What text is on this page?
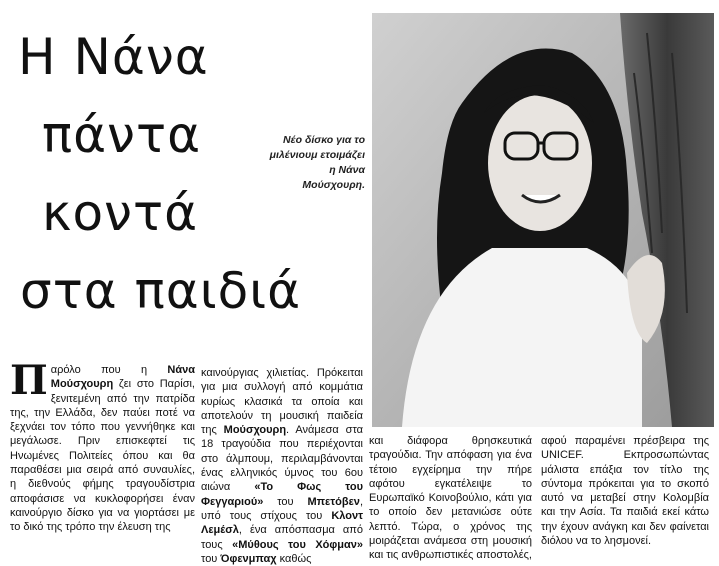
Η Νάνα
πάντα
κοντά
στα παιδιά

Νέο δίσκο για το μιλένιουμ ετοιμάζει η Νάνα Μούσχουρη.

Παρόλο που η Νάνα Μούσχουρη ζει στο Παρίσι, ξενιτεμένη από την πατρίδα της, την Ελλάδα, δεν παύει ποτέ να ξεχνάει τον τόπο που γεννήθηκε και μεγάλωσε. Πριν επισκεφτεί τις Ηνωμένες Πολιτείες όπου και θα παραθέσει μια σειρά από συναυλίες, η διεθνούς φήμης τραγουδίστρια αποφάσισε να κυκλοφορήσει έναν καινούργιο δίσκο για να γιορτάσει με το δικό της τρόπο την έλευση της

καινούργιας χιλιετίας. Πρόκειται για μια συλλογή από κομμάτια κυρίως κλασικά τα οποία και αποτελούν τη μουσική παιδεία της Μούσχουρη. Ανάμεσα στα 18 τραγούδια που περιέχονται στο άλμπουμ, περιλαμβάνονται ένας ελληνικός ύμνος του 6ου αιώνα «Το Φως του Φεγγαριού» του Μπετόβεν, υπό τους στίχους του Κλοντ Λεμέσλ, ένα απόσπασμα από τους «Μύθους του Χόφμαν» του Όφενμπαχ καθώς

και διάφορα θρησκευτικά τραγούδια. Την απόφαση για ένα τέτοιο εγχείρημα την πήρε αφότου εγκατέλειψε το Ευρωπαϊκό Κοινοβούλιο, κάτι για το οποίο δεν μετανιώσε ούτε λεπτό. Τώρα, ο χρόνος της μοιράζεται ανάμεσα στη μουσική και τις ανθρωπιστικές αποστολές,

αφού παραμένει πρέσβειρα της UNICEF. Εκπροσωπώντας μάλιστα επάξια τον τίτλο της σύντομα πρόκειται για το σκοπό αυτό να μεταβεί στην Κολομβία και την Ασία. Τα παιδιά εκεί κάτω την έχουν ανάγκη και δεν φαίνεται διόλου να το λησμονεί.
